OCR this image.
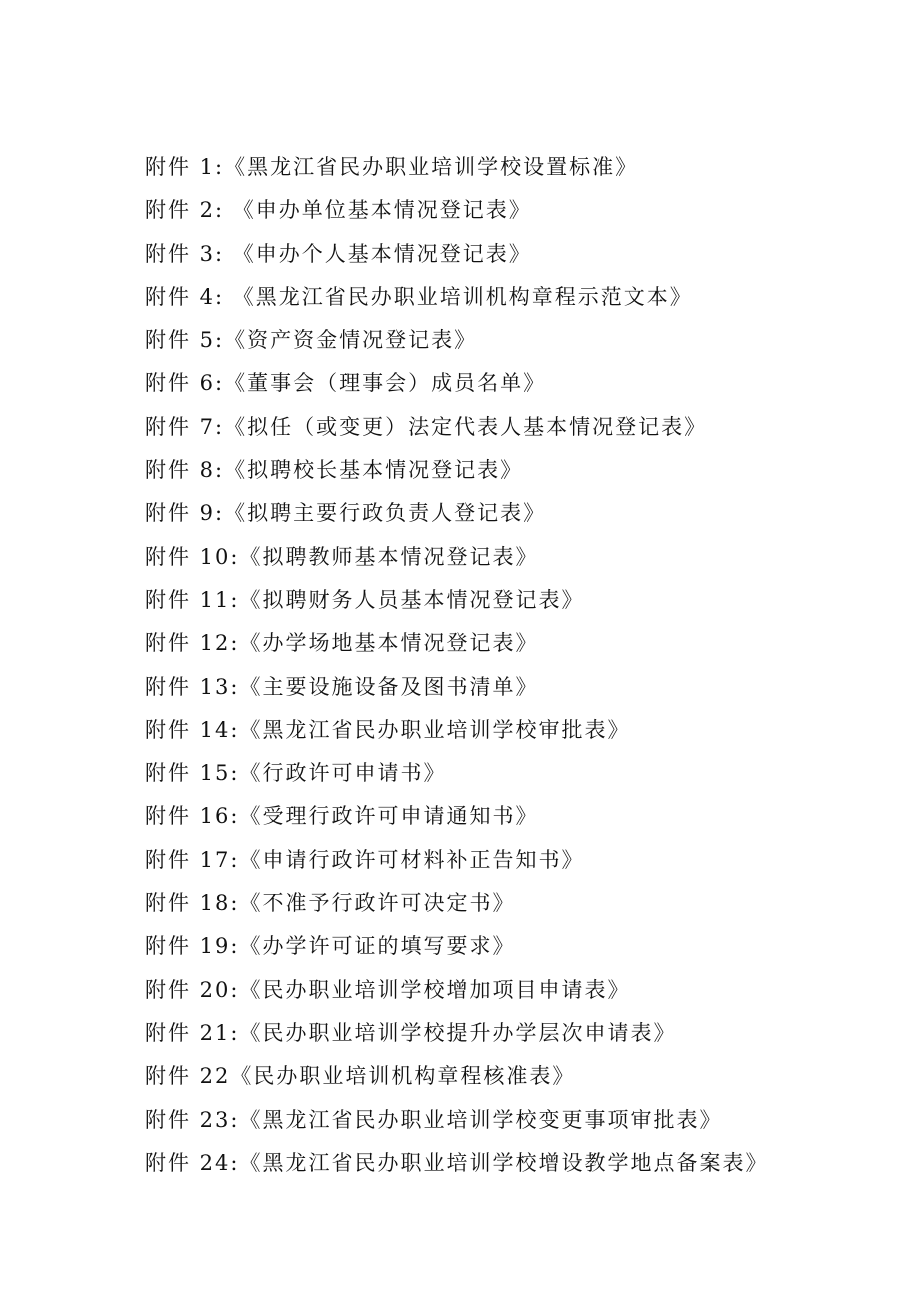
附件 1:《黑龙江省民办职业培训学校设置标准》
附件 2: 《申办单位基本情况登记表》
附件 3: 《申办个人基本情况登记表》
附件 4: 《黑龙江省民办职业培训机构章程示范文本》
附件 5:《资产资金情况登记表》
附件 6:《董事会（理事会）成员名单》
附件 7:《拟任（或变更）法定代表人基本情况登记表》
附件 8:《拟聘校长基本情况登记表》
附件 9:《拟聘主要行政负责人登记表》
附件 10:《拟聘教师基本情况登记表》
附件 11:《拟聘财务人员基本情况登记表》
附件 12:《办学场地基本情况登记表》
附件 13:《主要设施设备及图书清单》
附件 14:《黑龙江省民办职业培训学校审批表》
附件 15:《行政许可申请书》
附件 16:《受理行政许可申请通知书》
附件 17:《申请行政许可材料补正告知书》
附件 18:《不准予行政许可决定书》
附件 19:《办学许可证的填写要求》
附件 20:《民办职业培训学校增加项目申请表》
附件 21:《民办职业培训学校提升办学层次申请表》
附件 22《民办职业培训机构章程核准表》
附件 23:《黑龙江省民办职业培训学校变更事项审批表》
附件 24:《黑龙江省民办职业培训学校增设教学地点备案表》
